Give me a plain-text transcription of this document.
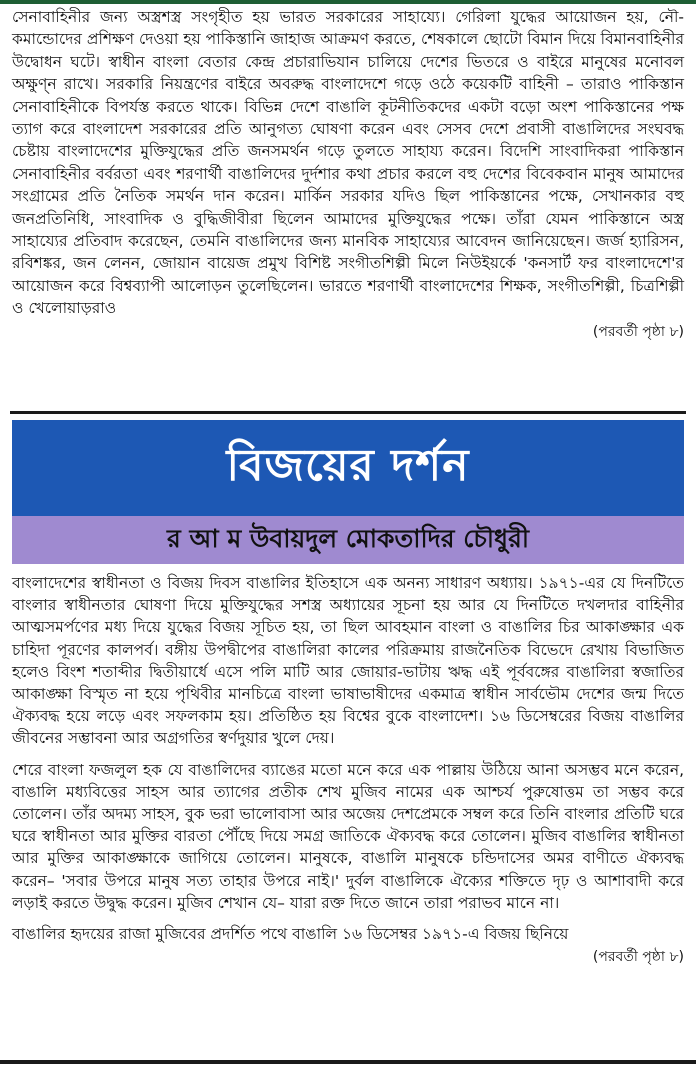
সেনাবাহিনীর জন্য অস্ত্রশস্ত্র সংগৃহীত হয় ভারত সরকারের সাহায্যে। গেরিলা যুদ্ধের আয়োজন হয়, নৌ-কমান্ডোদের প্রশিক্ষণ দেওয়া হয় পাকিস্তানি জাহাজ আক্রমণ করতে, শেষকালে ছোটো বিমান দিয়ে বিমানবাহিনীর উদ্বোধন ঘটে। স্বাধীন বাংলা বেতার কেন্দ্র প্রচারাভিযান চালিয়ে দেশের ভিতরে ও বাইরে মানুষের মনোবল অক্ষুণ্ন রাখে। সরকারি নিয়ন্ত্রণের বাইরে অবরুদ্ধ বাংলাদেশে গড়ে ওঠে কয়েকটি বাহিনী – তারাও পাকিস্তান সেনাবাহিনীকে বিপর্যস্ত করতে থাকে। বিভিন্ন দেশে বাঙালি কূটনীতিকদের একটা বড়ো অংশ পাকিস্তানের পক্ষ ত্যাগ করে বাংলাদেশ সরকারের প্রতি আনুগত্য ঘোষণা করেন এবং সেসব দেশে প্রবাসী বাঙালিদের সংঘবদ্ধ চেষ্টায় বাংলাদেশের মুক্তিযুদ্ধের প্রতি জনসমর্থন গড়ে তুলতে সাহায্য করেন। বিদেশি সাংবাদিকরা পাকিস্তান সেনাবাহিনীর বর্বরতা এবং শরণার্থী বাঙালিদের দুর্দশার কথা প্রচার করলে বহু দেশের বিবেকবান মানুষ আমাদের সংগ্রামের প্রতি নৈতিক সমর্থন দান করেন। মার্কিন সরকার যদিও ছিল পাকিস্তানের পক্ষে, সেখানকার বহু জনপ্রতিনিধি, সাংবাদিক ও বুদ্ধিজীবীরা ছিলেন আমাদের মুক্তিযুদ্ধের পক্ষে। তাঁরা যেমন পাকিস্তানে অস্ত্র সাহায্যের প্রতিবাদ করেছেন, তেমনি বাঙালিদের জন্য মানবিক সাহায্যের আবেদন জানিয়েছেন। জর্জ হ্যারিসন, রবিশঙ্কর, জন লেনন, জোয়ান বায়েজ প্রমুখ বিশিষ্ট সংগীতশিল্পী মিলে নিউইয়র্কে 'কনসার্ট ফর বাংলাদেশে'র আয়োজন করে বিশ্বব্যাপী আলোড়ন তুলেছিলেন। ভারতে শরণার্থী বাংলাদেশের শিক্ষক, সংগীতশিল্পী, চিত্রশিল্পী ও খেলোয়াড়রাও

(পরবর্তী পৃষ্ঠা ৮)
বিজয়ের দর্শন
র আ ম উবায়দুল মোকতাদির চৌধুরী

বাংলাদেশের স্বাধীনতা ও বিজয় দিবস বাঙালির ইতিহাসে এক অনন্য সাধারণ অধ্যায়। ১৯৭১-এর যে দিনটিতে বাংলার স্বাধীনতার ঘোষণা দিয়ে মুক্তিযুদ্ধের সশস্ত্র অধ্যায়ের সূচনা হয় আর যে দিনটিতে দখলদার বাহিনীর আত্মসমর্পণের মধ্য দিয়ে যুদ্ধের বিজয় সূচিত হয়, তা ছিল আবহমান বাংলা ও বাঙালির চির আকাঙ্ক্ষার এক চাহিদা পূরণের কালপর্ব। বঙ্গীয় উপদ্বীপের বাঙালিরা কালের পরিক্রমায় রাজনৈতিক বিভেদে রেখায় বিভাজিত হলেও বিংশ শতাব্দীর দ্বিতীয়ার্ধে এসে পলি মাটি আর জোয়ার-ভাটায় ঋদ্ধ এই পূর্ববঙ্গের বাঙালিরা স্বজাতির আকাঙ্ক্ষা বিস্মৃত না হয়ে পৃথিবীর মানচিত্রে বাংলা ভাষাভাষীদের একমাত্র স্বাধীন সার্বভৌম দেশের জন্ম দিতে ঐক্যবদ্ধ হয়ে লড়ে এবং সফলকাম হয়। প্রতিষ্ঠিত হয় বিশ্বের বুকে বাংলাদেশ। ১৬ ডিসেম্বরের বিজয় বাঙালির জীবনের সম্ভাবনা আর অগ্রগতির স্বর্ণদুয়ার খুলে দেয়।

শেরে বাংলা ফজলুল হক যে বাঙালিদের ব্যাঙের মতো মনে করে এক পাল্লায় উঠিয়ে আনা অসম্ভব মনে করেন, বাঙালি মধ্যবিত্তের সাহস আর ত্যাগের প্রতীক শেখ মুজিব নামের এক আশ্চর্য পুরুষোত্তম তা সম্ভব করে তোলেন। তাঁর অদম্য সাহস, বুক ভরা ভালোবাসা আর অজেয় দেশপ্রেমকে সম্বল করে তিনি বাংলার প্রতিটি ঘরে ঘরে স্বাধীনতা আর মুক্তির বারতা পৌঁছে দিয়ে সমগ্র জাতিকে ঐক্যবদ্ধ করে তোলেন। মুজিব বাঙালির স্বাধীনতা আর মুক্তির আকাঙ্ক্ষাকে জাগিয়ে তোলেন। মানুষকে, বাঙালি মানুষকে চন্ডিদাসের অমর বাণীতে ঐক্যবদ্ধ করেন– 'সবার উপরে মানুষ সত্য তাহার উপরে নাই।' দুর্বল বাঙালিকে ঐক্যের শক্তিতে দৃঢ় ও আশাবাদী করে লড়াই করতে উদ্বুদ্ধ করেন। মুজিব শেখান যে– যারা রক্ত দিতে জানে তারা পরাভব মানে না।

বাঙালির হৃদয়ের রাজা মুজিবের প্রদর্শিত পথে বাঙালি ১৬ ডিসেম্বর ১৯৭১-এ বিজয় ছিনিয়ে

(পরবর্তী পৃষ্ঠা ৮)
